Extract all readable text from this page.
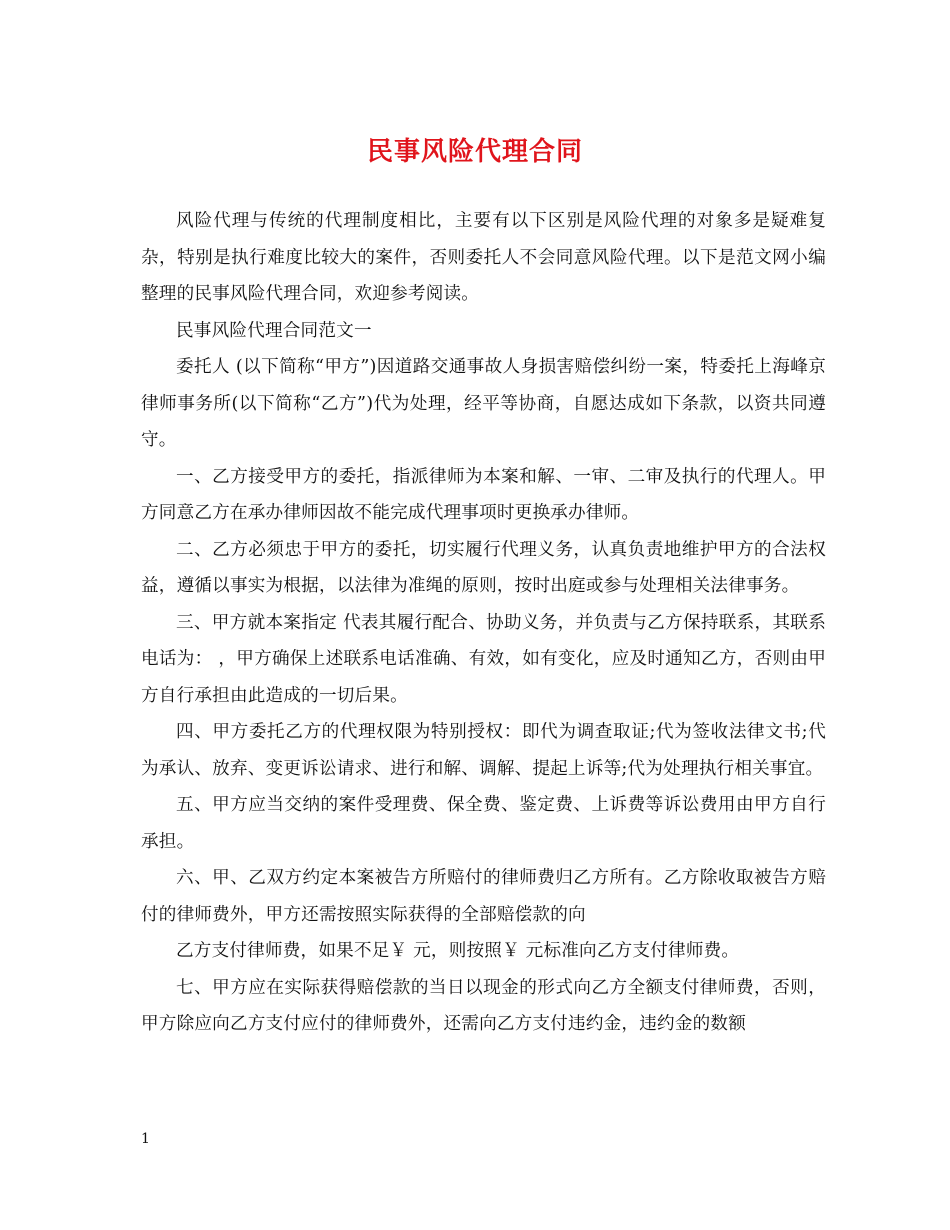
民事风险代理合同

风险代理与传统的代理制度相比，主要有以下区别是风险代理的对象多是疑难复杂，特别是执行难度比较大的案件，否则委托人不会同意风险代理。以下是范文网小编整理的民事风险代理合同，欢迎参考阅读。

民事风险代理合同范文一

委托人 (以下简称“甲方”)因道路交通事故人身损害赔偿纠纷一案，特委托上海峰京律师事务所(以下简称“乙方”)代为处理，经平等协商，自愿达成如下条款，以资共同遵守。

一、乙方接受甲方的委托，指派律师为本案和解、一审、二审及执行的代理人。甲方同意乙方在承办律师因故不能完成代理事项时更换承办律师。

二、乙方必须忠于甲方的委托，切实履行代理义务，认真负责地维护甲方的合法权益，遵循以事实为根据，以法律为准绳的原则，按时出庭或参与处理相关法律事务。

三、甲方就本案指定 代表其履行配合、协助义务，并负责与乙方保持联系，其联系电话为： ，甲方确保上述联系电话准确、有效，如有变化，应及时通知乙方，否则由甲方自行承担由此造成的一切后果。

四、甲方委托乙方的代理权限为特别授权：即代为调查取证;代为签收法律文书;代为承认、放弃、变更诉讼请求、进行和解、调解、提起上诉等;代为处理执行相关事宜。

五、甲方应当交纳的案件受理费、保全费、鉴定费、上诉费等诉讼费用由甲方自行承担。

六、甲、乙双方约定本案被告方所赔付的律师费归乙方所有。乙方除收取被告方赔付的律师费外，甲方还需按照实际获得的全部赔偿款的向

乙方支付律师费，如果不足￥ 元，则按照￥ 元标准向乙方支付律师费。

七、甲方应在实际获得赔偿款的当日以现金的形式向乙方全额支付律师费，否则，甲方除应向乙方支付应付的律师费外，还需向乙方支付违约金，违约金的数额

1
